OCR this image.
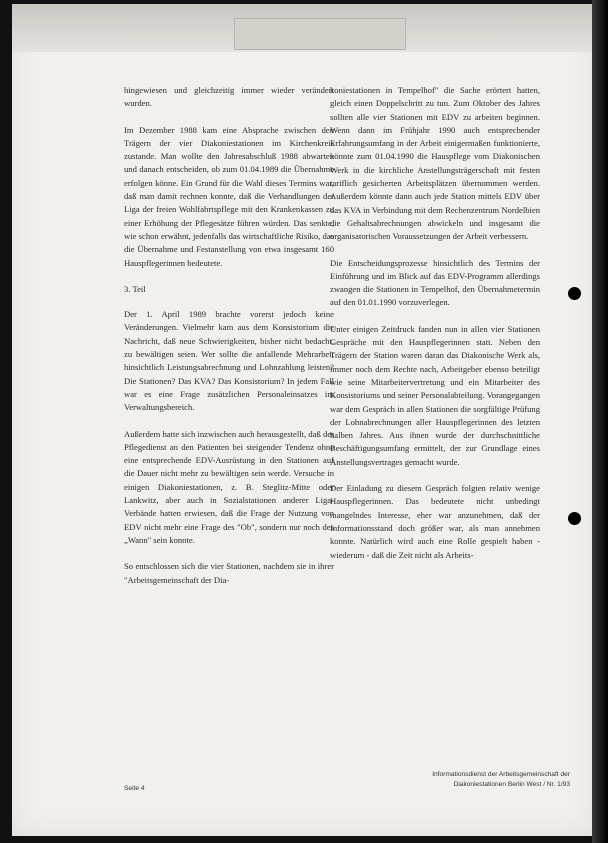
hingewiesen und gleichzeitig immer wieder verändert wurden.

Im Dezember 1988 kam eine Absprache zwischen den Trägern der vier Diakoniestationen im Kirchenkreis zustande. Man wollte den Jahresabschluß 1988 abwarten und danach entscheiden, ob zum 01.04.1989 die Übernahme erfolgen könne. Ein Grund für die Wahl dieses Termins war, daß man damit rechnen konnte, daß die Verhandlungen der Liga der freien Wohlfahrtspflege mit den Krankenkassen zu einer Erhöhung der Pflegesätze führen würden. Das senkte, wie schon erwähnt, jedenfalls das wirtschaftliche Risiko, das die Übernahme und Festanstellung von etwa insgesamt 160 Hauspflegerinnen bedeutete.

3. Teil

Der 1. April 1989 brachte vorerst jedoch keine Veränderungen. Vielmehr kam aus dem Konsistorium die Nachricht, daß neue Schwierigkeiten, bisher nicht bedacht, zu bewältigen seien. Wer sollte die anfallende Mehrarbeit hinsichtlich Leistungsabrechnung und Lohnzahlung leisten? Die Stationen? Das KVA? Das Konsistorium? In jedem Fall war es eine Frage zusätzlichen Personaleinsatzes im Verwaltungsbereich.

Außerdem hatte sich inzwischen auch herausgestellt, daß der Pflegedienst an den Patienten bei steigender Tendenz ohne eine entsprechende EDV-Ausrüstung in den Stationen auf die Dauer nicht mehr zu bewältigen sein werde. Versuche in einigen Diakoniestationen, z. B. Steglitz-Mitte oder Lankwitz, aber auch in Sozialstationen anderer Liga-Verbände hatten erwiesen, daß die Frage der Nutzung von EDV nicht mehr eine Frage des "Ob", sondern nur noch des „Wann" sein konnte.

So entschlossen sich die vier Stationen, nachdem sie in ihrer "Arbeitsgemeinschaft der Dia-

koniestationen in Tempelhof" die Sache erörtert hatten, gleich einen Doppelschritt zu tun. Zum Oktober des Jahres sollten alle vier Stationen mit EDV zu arbeiten beginnen. Wenn dann im Frühjahr 1990 auch entsprechender Erfahrungsumfang in der Arbeit einigermaßen funktionierte, könnte zum 01.04.1990 die Hauspflege vom Diakonischen Werk in die kirchliche Anstellungsträgerschaft mit festen tariflich gesicherten Arbeitsplätzen übernommen werden. Außerdem könnte dann auch jede Station mittels EDV über das KVA in Verbindung mit dem Rechenzentrum Nordelbien die Gehaltsabrechnungen abwickeln und insgesamt die organisatorischen Voraussetzungen der Arbeit verbessern.

Die Entscheidungsprozesse hinsichtlich des Termins der Einführung und im Blick auf das EDV-Programm allerdings zwangen die Stationen in Tempelhof, den Übernahmetermin auf den 01.01.1990 vorzuverlegen.

Unter einigen Zeitdruck fanden nun in allen vier Stationen Gespräche mit den Hauspflegerinnen statt. Neben den Trägern der Station waren daran das Diakonische Werk als, immer noch dem Rechte nach, Arbeitgeber ebenso beteiligt wie seine Mitarbeitervertretung und ein Mitarbeiter des Konsistoriums und seiner Personalabteilung. Vorangegangen war dem Gespräch in allen Stationen die sorgfältige Prüfung der Lohnabrechnungen aller Hauspflegerinnen des letzten halben Jahres. Aus ihnen wurde der durchschnittliche Beschäftigungsumfang ermittelt, der zur Grundlage eines Anstellungsvertrages gemacht wurde.

Der Einladung zu diesem Gespräch folgten relativ wenige Hauspflegerinnen. Das bedeutete nicht unbedingt mangelndes Interesse, eher war anzunehmen, daß der Informationsstand doch größer war, als man annehmen konnte. Natürlich wird auch eine Rolle gespielt haben - wiederum - daß die Zeit nicht als Arbeits-

Seite 4
Informationsdienst der Arbeitsgemeinschaft der
Diakoniestationen Berlin West / Nr. 1/93
